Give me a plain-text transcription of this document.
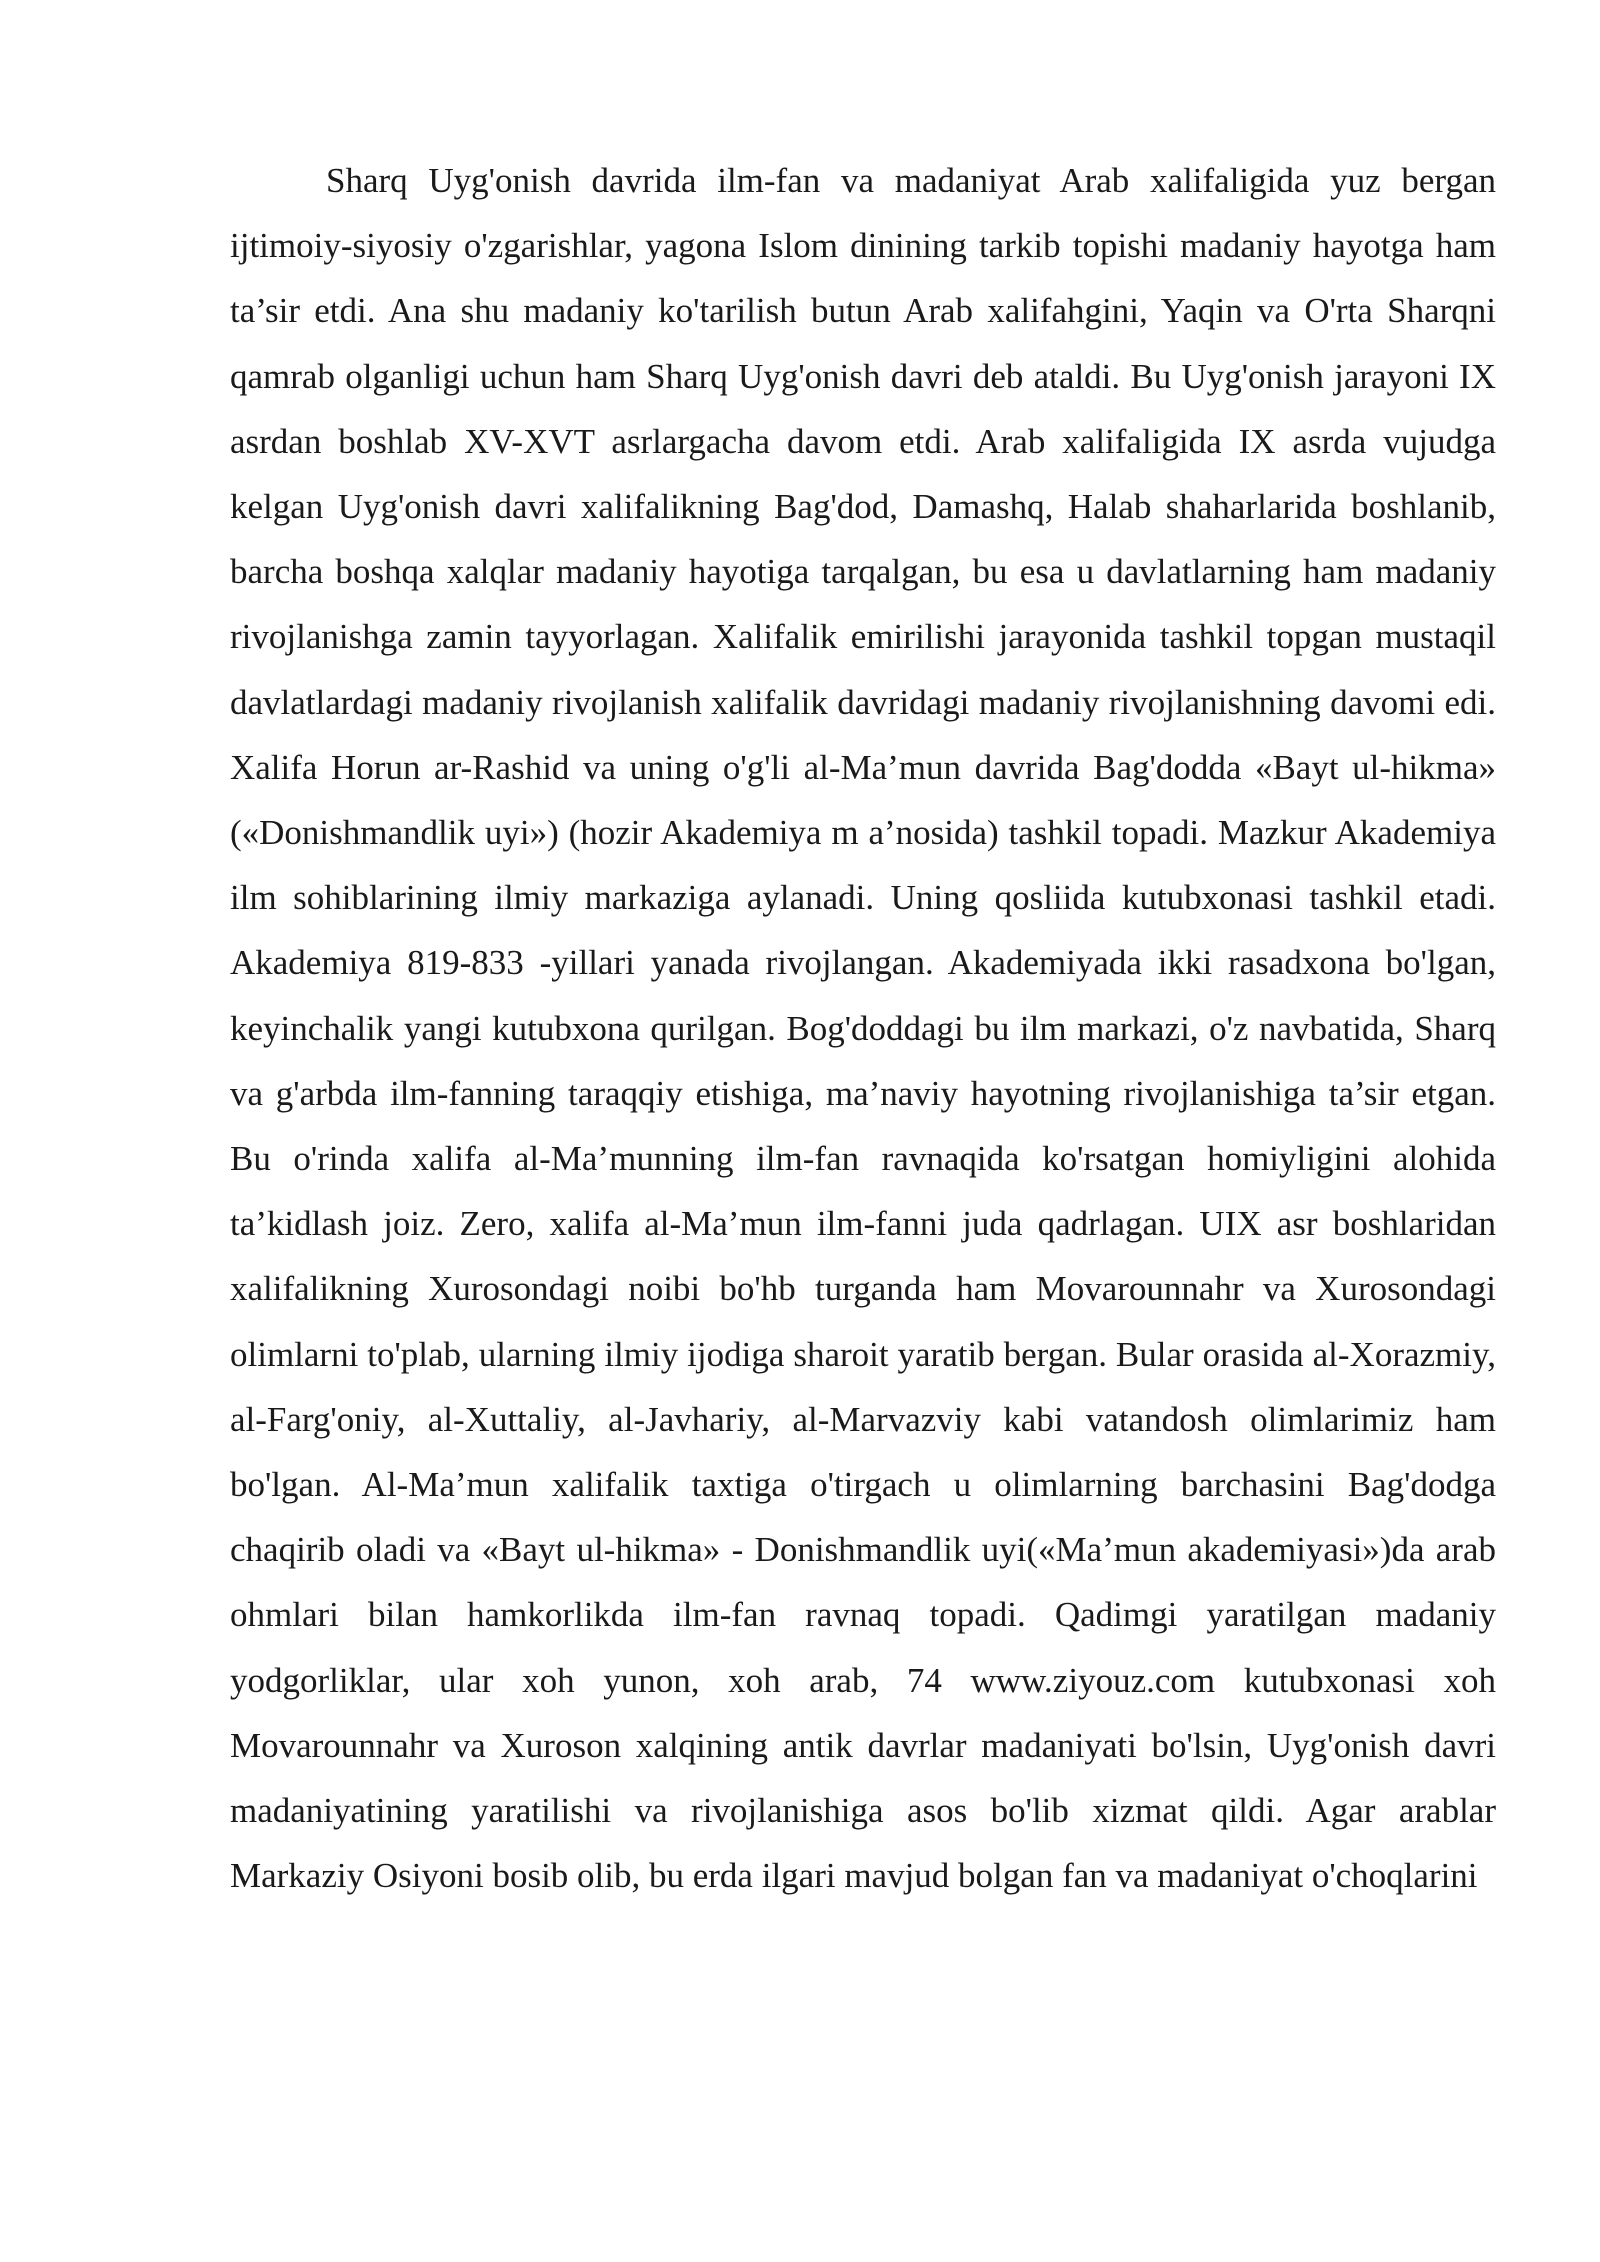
Sharq Uyg'onish davrida ilm-fan va madaniyat Arab xalifaligida yuz bergan ijtimoiy-siyosiy o'zgarishlar, yagona Islom dinining tarkib topishi madaniy hayotga ham ta’sir etdi. Ana shu madaniy ko'tarilish butun Arab xalifahgini, Yaqin va O'rta Sharqni qamrab olganligi uchun ham Sharq Uyg'onish davri deb ataldi. Bu Uyg'onish jarayoni IX asrdan boshlab XV-XVT asrlargacha davom etdi. Arab xalifaligida IX asrda vujudga kelgan Uyg'onish davri xalifalikning Bag'dod, Damashq, Halab shaharlarida boshlanib, barcha boshqa xalqlar madaniy hayotiga tarqalgan, bu esa u davlatlarning ham madaniy rivojlanishga zamin tayyorlagan. Xalifalik emirilishi jarayonida tashkil topgan mustaqil davlatlardagi madaniy rivojlanish xalifalik davridagi madaniy rivojlanishning davomi edi. Xalifa Horun ar-Rashid va uning o'g'li al-Ma’mun davrida Bag'dodda «Bayt ul-hikma» («Donishmandlik uyi») (hozir Akademiya m a’nosida) tashkil topadi. Mazkur Akademiya ilm sohiblarining ilmiy markaziga aylanadi. Uning qosliida kutubxonasi tashkil etadi. Akademiya 819-833 -yillari yanada rivojlangan. Akademiyada ikki rasadxona bo'lgan, keyinchalik yangi kutubxona qurilgan. Bog'doddagi bu ilm markazi, o'z navbatida, Sharq va g'arbda ilm-fanning taraqqiy etishiga, ma’naviy hayotning rivojlanishiga ta’sir etgan. Bu o'rinda xalifa al-Ma’munning ilm-fan ravnaqida ko'rsatgan homiyligini alohida ta’kidlash joiz. Zero, xalifa al-Ma’mun ilm-fanni juda qadrlagan. UIX asr boshlaridan xalifalikning Xurosondagi noibi bo'hb turganda ham Movarounnahr va Xurosondagi olimlarni to'plab, ularning ilmiy ijodiga sharoit yaratib bergan. Bular orasida al-Xorazmiy, al-Farg'oniy, al-Xuttaliy, al-Javhariy, al-Marvazviy kabi vatandosh olimlarimiz ham bo'lgan. Al-Ma’mun xalifalik taxtiga o'tirgach u olimlarning barchasini Bag'dodga chaqirib oladi va «Bayt ul-hikma» - Donishmandlik uyi(«Ma’mun akademiyasi»)da arab ohmlari bilan hamkorlikda ilm-fan ravnaq topadi. Qadimgi yaratilgan madaniy yodgorliklar, ular xoh yunon, xoh arab, 74 www.ziyouz.com kutubxonasi xoh Movarounnahr va Xuroson xalqining antik davrlar madaniyati bo'lsin, Uyg'onish davri madaniyatining yaratilishi va rivojlanishiga asos bo'lib xizmat qildi. Agar arablar Markaziy Osiyoni bosib olib, bu erda ilgari mavjud bolgan fan va madaniyat o'choqlarini
